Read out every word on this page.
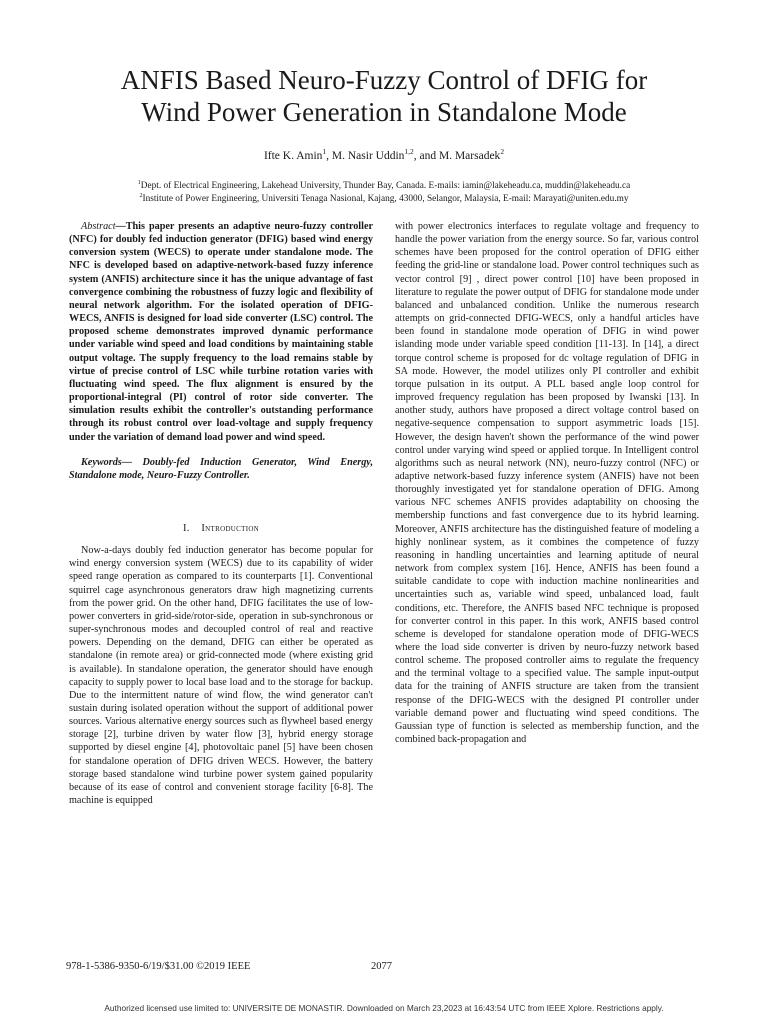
ANFIS Based Neuro-Fuzzy Control of DFIG for
Wind Power Generation in Standalone Mode
Ifte K. Amin$^1$, M. Nasir Uddin$^{1,2}$, and M. Marsadek$^2$
$^1$Dept. of Electrical Engineering, Lakehead University, Thunder Bay, Canada. E-mails: iamin@lakeheadu.ca, muddin@lakeheadu.ca
$^2$Institute of Power Engineering, Universiti Tenaga Nasional, Kajang, 43000, Selangor, Malaysia, E-mail: Marayati@uniten.edu.my

Abstract—This paper presents an adaptive neuro-fuzzy controller (NFC) for doubly fed induction generator (DFIG) based wind energy conversion system (WECS) to operate under standalone mode. The NFC is developed based on adaptive-network-based fuzzy inference system (ANFIS) architecture since it has the unique advantage of fast convergence combining the robustness of fuzzy logic and flexibility of neural network algorithm. For the isolated operation of DFIG-WECS, ANFIS is designed for load side converter (LSC) control. The proposed scheme demonstrates improved dynamic performance under variable wind speed and load conditions by maintaining stable output voltage. The supply frequency to the load remains stable by virtue of precise control of LSC while turbine rotation varies with fluctuating wind speed. The flux alignment is ensured by the proportional-integral (PI) control of rotor side converter. The simulation results exhibit the controller's outstanding performance through its robust control over load-voltage and supply frequency under the variation of demand load power and wind speed.

Keywords— Doubly-fed Induction Generator, Wind Energy, Standalone mode, Neuro-Fuzzy Controller.

I. Introduction

Now-a-days doubly fed induction generator has become popular for wind energy conversion system (WECS) due to its capability of wider speed range operation as compared to its counterparts [1]. Conventional squirrel cage asynchronous generators draw high magnetizing currents from the power grid. On the other hand, DFIG facilitates the use of low-power converters in grid-side/rotor-side, operation in sub-synchronous or super-synchronous modes and decoupled control of real and reactive powers. Depending on the demand, DFIG can either be operated as standalone (in remote area) or grid-connected mode (where existing grid is available). In standalone operation, the generator should have enough capacity to supply power to local base load and to the storage for backup. Due to the intermittent nature of wind flow, the wind generator can't sustain during isolated operation without the support of additional power sources. Various alternative energy sources such as flywheel based energy storage [2], turbine driven by water flow [3], hybrid energy storage supported by diesel engine [4], photovoltaic panel [5] have been chosen for standalone operation of DFIG driven WECS. However, the battery storage based standalone wind turbine power system gained popularity because of its ease of control and convenient storage facility [6-8]. The machine is equipped

with power electronics interfaces to regulate voltage and frequency to handle the power variation from the energy source. So far, various control schemes have been proposed for the control operation of DFIG either feeding the grid-line or standalone load. Power control techniques such as vector control [9] , direct power control [10] have been proposed in literature to regulate the power output of DFIG for standalone mode under balanced and unbalanced condition. Unlike the numerous research attempts on grid-connected DFIG-WECS, only a handful articles have been found in standalone mode operation of DFIG in wind power islanding mode under variable speed condition [11-13]. In [14], a direct torque control scheme is proposed for dc voltage regulation of DFIG in SA mode. However, the model utilizes only PI controller and exhibit torque pulsation in its output. A PLL based angle loop control for improved frequency regulation has been proposed by Iwanski [13]. In another study, authors have proposed a direct voltage control based on negative-sequence compensation to support asymmetric loads [15]. However, the design haven't shown the performance of the wind power control under varying wind speed or applied torque. In Intelligent control algorithms such as neural network (NN), neuro-fuzzy control (NFC) or adaptive network-based fuzzy inference system (ANFIS) have not been thoroughly investigated yet for standalone operation of DFIG. Among various NFC schemes ANFIS provides adaptability on choosing the membership functions and fast convergence due to its hybrid learning. Moreover, ANFIS architecture has the distinguished feature of modeling a highly nonlinear system, as it combines the competence of fuzzy reasoning in handling uncertainties and learning aptitude of neural network from complex system [16]. Hence, ANFIS has been found a suitable candidate to cope with induction machine nonlinearities and uncertainties such as, variable wind speed, unbalanced load, fault conditions, etc. Therefore, the ANFIS based NFC technique is proposed for converter control in this paper. In this work, ANFIS based control scheme is developed for standalone operation mode of DFIG-WECS where the load side converter is driven by neuro-fuzzy network based control scheme. The proposed controller aims to regulate the frequency and the terminal voltage to a specified value. The sample input-output data for the training of ANFIS structure are taken from the transient response of the DFIG-WECS with the designed PI controller under variable demand power and fluctuating wind speed conditions. The Gaussian type of function is selected as membership function, and the combined back-propagation and

978-1-5386-9350-6/19/$31.00 ©2019 IEEE	2077
Authorized licensed use limited to: UNIVERSITE DE MONASTIR. Downloaded on March 23,2023 at 16:43:54 UTC from IEEE Xplore. Restrictions apply.
